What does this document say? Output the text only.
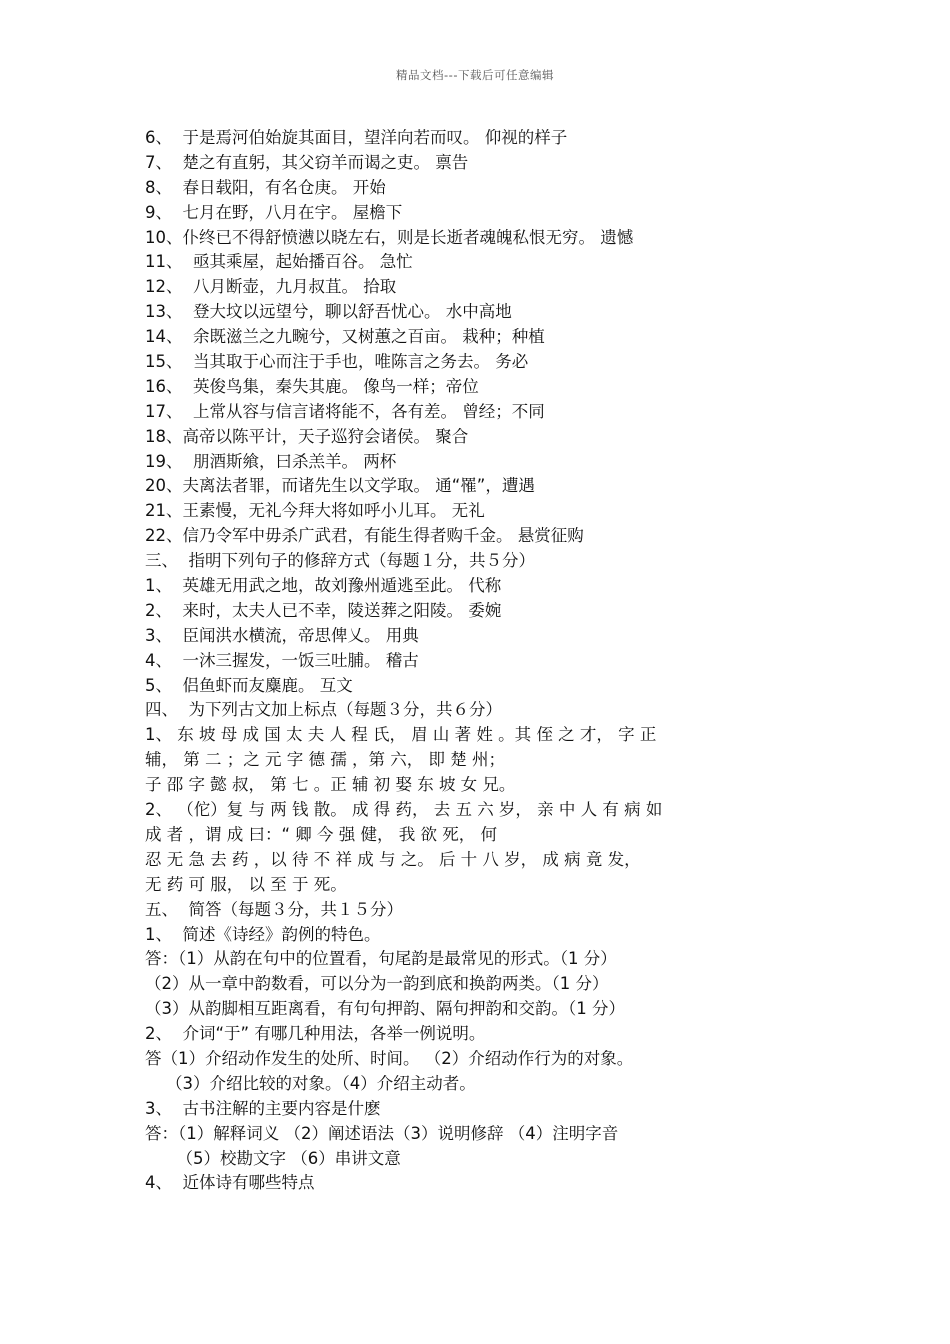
精品文档---下载后可任意编辑
6、  于是焉河伯始旋其面目，望洋向若而叹。 仰视的样子
7、  楚之有直躬，其父窃羊而谒之吏。 禀告
8、  春日载阳，有名仓庚。 开始
9、  七月在野，八月在宇。 屋檐下
10、仆终已不得舒愤懑以晓左右，则是长逝者魂魄私恨无穷。 遗憾
11、  亟其乘屋，起始播百谷。 急忙
12、  八月断壶，九月叔苴。 拾取
13、  登大坟以远望兮，聊以舒吾忧心。 水中高地
14、  余既滋兰之九畹兮，又树蕙之百亩。 栽种；种植
15、  当其取于心而注于手也，唯陈言之务去。 务必
16、  英俊鸟集，秦失其鹿。 像鸟一样；帝位
17、  上常从容与信言诸将能不，各有差。 曾经；不同
18、高帝以陈平计，天子巡狩会诸侯。 聚合
19、  朋酒斯飨，曰杀羔羊。 两杯
20、夫离法者罪，而诸先生以文学取。 通“罹”，遭遇
21、王素慢，无礼今拜大将如呼小儿耳。 无礼
22、信乃令军中毋杀广武君，有能生得者购千金。 悬赏征购
三、  指明下列句子的修辞方式（每题１分，共５分）
1、  英雄无用武之地，故刘豫州遁逃至此。 代称
2、  来时，太夫人已不幸，陵送葬之阳陵。 委婉
3、  臣闻洪水横流，帝思俾乂。 用典
4、  一沐三握发，一饭三吐脯。 稽古
5、  侣鱼虾而友麋鹿。 互文
四、  为下列古文加上标点（每题３分，共６分）
1、 东 坡 母 成 国 太 夫 人 程 氏， 眉 山 著 姓 。其 侄 之 才， 字 正
辅， 第 二 ；之 元 字 德 孺 ，第 六， 即 楚 州；
子 邵 字 懿 叔， 第 七 。正 辅 初 娶 东 坡 女 兄。
2、 （佗）复 与 两 钱 散。 成 得 药， 去 五 六 岁， 亲 中 人 有 病 如
成 者 ，谓 成 曰：“ 卿 今 强 健， 我 欲 死， 何
忍 无 急 去 药 ，以 待 不 祥 成 与 之。 后 十 八 岁， 成 病 竟 发，
无 药 可 服， 以 至 于 死。
五、  简答（每题３分，共１５分）
1、  简述《诗经》韵例的特色。
答：（1）从韵在句中的位置看，句尾韵是最常见的形式。（1 分）
（2）从一章中韵数看，可以分为一韵到底和换韵两类。（1 分）
（3）从韵脚相互距离看，有句句押韵、隔句押韵和交韵。（1 分）
2、  介词“于” 有哪几种用法，各举一例说明。
答（1）介绍动作发生的处所、时间。 （2）介绍动作行为的对象。
（3）介绍比较的对象。（4）介绍主动者。
3、  古书注解的主要内容是什麽
答：（1）解释词义 （2）阐述语法（3）说明修辞 （4）注明字音
（5）校勘文字 （6）串讲文意
4、  近体诗有哪些特点
